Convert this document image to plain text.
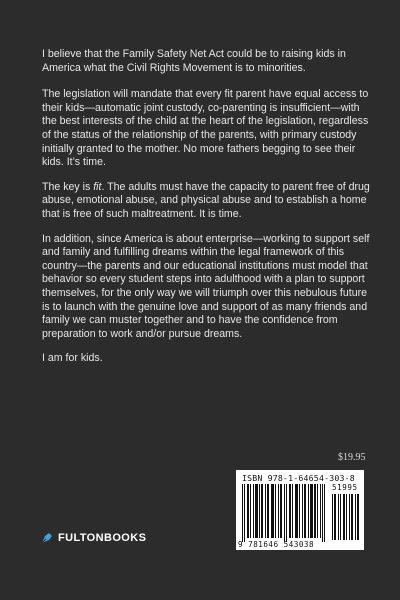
I believe that the Family Safety Net Act could be to raising kids in America what the Civil Rights Movement is to minorities.

The legislation will mandate that every fit parent have equal access to their kids—automatic joint custody, co-parenting is insufficient—with the best interests of the child at the heart of the legislation, regardless of the status of the relationship of the parents, with primary custody initially granted to the mother. No more fathers begging to see their kids. It’s time.

The key is fit. The adults must have the capacity to parent free of drug abuse, emotional abuse, and physical abuse and to establish a home that is free of such maltreatment. It is time.

In addition, since America is about enterprise—working to support self and family and fulfilling dreams within the legal framework of this country—the parents and our educational institutions must model that behavior so every student steps into adulthood with a plan to support themselves, for the only way we will triumph over this nebulous future is to launch with the genuine love and support of as many friends and family we can muster together and to have the confidence from preparation to work and/or pursue dreams.

I am for kids.

$19.95
ISBN 978-1-64654-303-8
51995
9 781646 543038
FULTONBOOKS
